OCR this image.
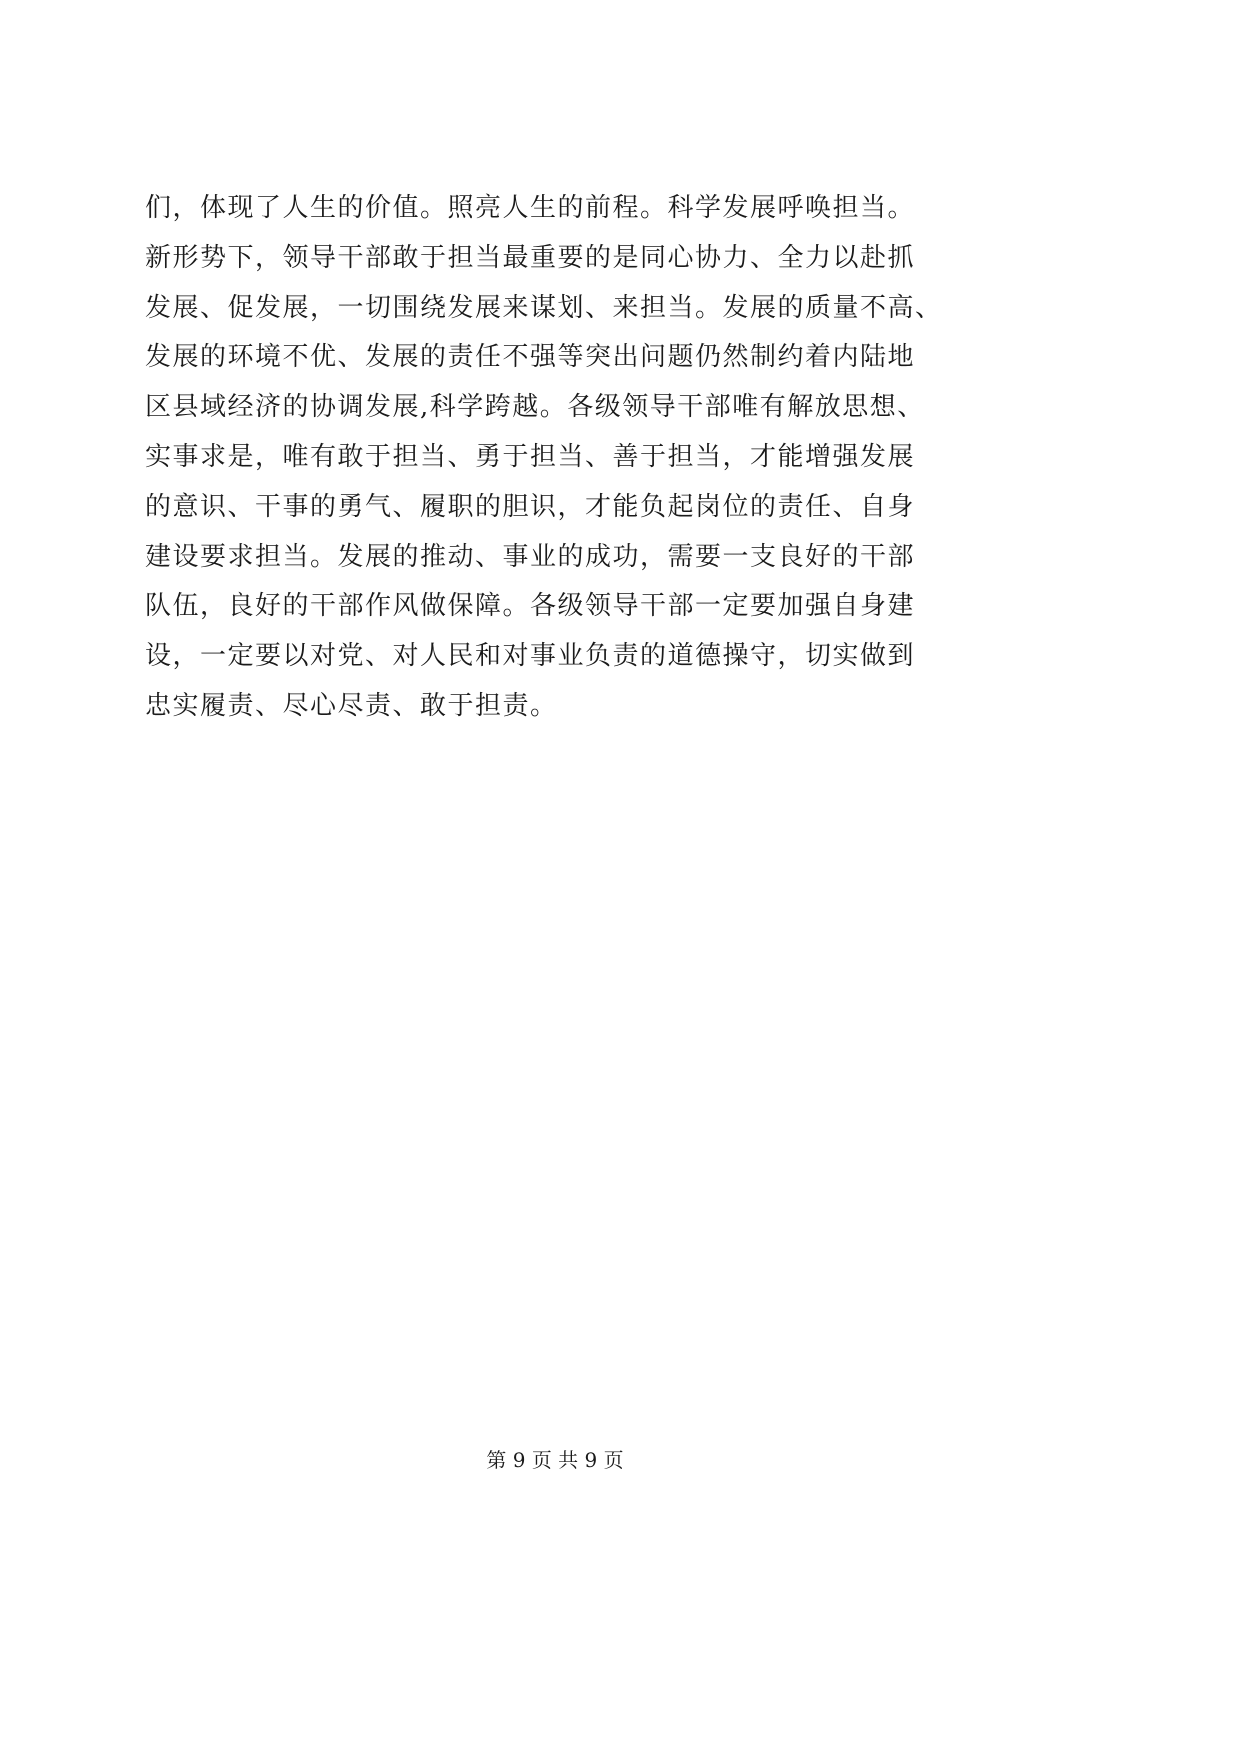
们，体现了人生的价值。照亮人生的前程。科学发展呼唤担当。
新形势下，领导干部敢于担当最重要的是同心协力、全力以赴抓
发展、促发展，一切围绕发展来谋划、来担当。发展的质量不高、
发展的环境不优、发展的责任不强等突出问题仍然制约着内陆地
区县域经济的协调发展,科学跨越。各级领导干部唯有解放思想、
实事求是，唯有敢于担当、勇于担当、善于担当，才能增强发展
的意识、干事的勇气、履职的胆识，才能负起岗位的责任、自身
建设要求担当。发展的推动、事业的成功，需要一支良好的干部
队伍，良好的干部作风做保障。各级领导干部一定要加强自身建
设，一定要以对党、对人民和对事业负责的道德操守，切实做到
忠实履责、尽心尽责、敢于担责。
第 9 页 共 9 页
